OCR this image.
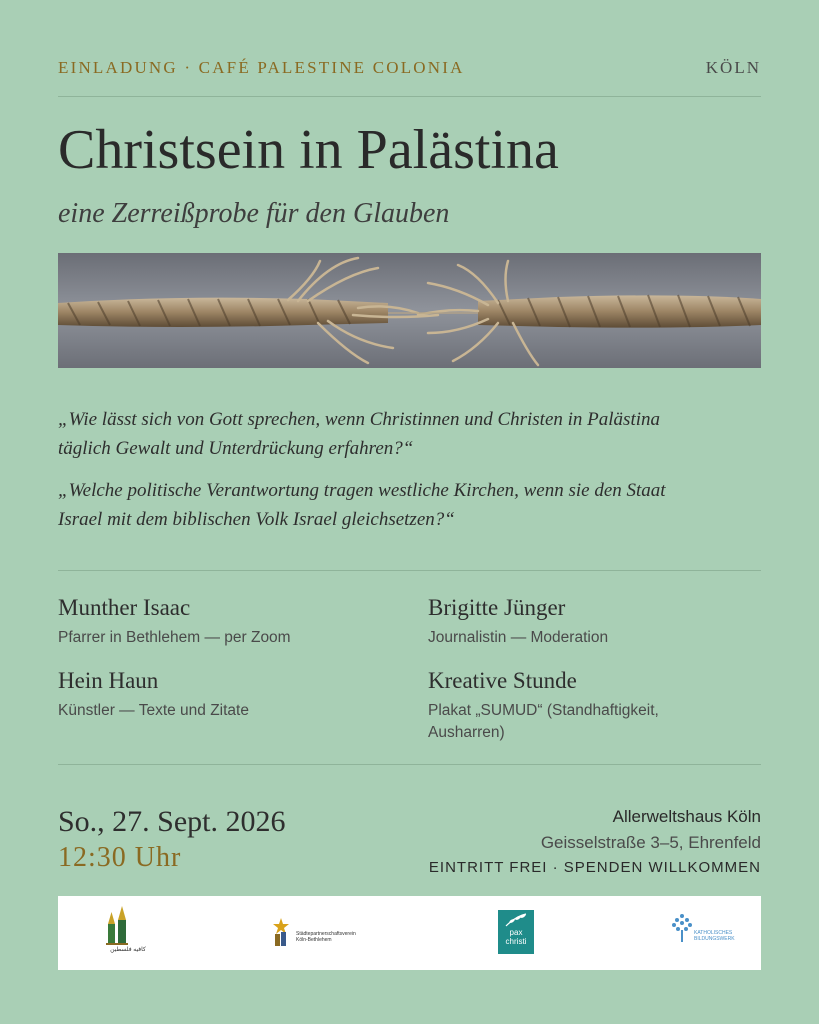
EINLADUNG · CAFÉ PALESTINE COLONIA	KÖLN
Christsein in Palästina
eine Zerreißprobe für den Glauben
„Wie lässt sich von Gott sprechen, wenn Christinnen und Christen in Palästina
täglich Gewalt und Unterdrückung erfahren?“
„Welche politische Verantwortung tragen westliche Kirchen, wenn sie den Staat
Israel mit dem biblischen Volk Israel gleichsetzen?“
Munther Isaac
Pfarrer in Bethlehem — per Zoom
Brigitte Jünger
Journalistin — Moderation
Hein Haun
Künstler — Texte und Zitate
Kreative Stunde
Plakat „SUMUD“ (Standhaftigkeit,
Ausharren)
So., 27. Sept. 2026
12:30 Uhr
Allerweltshaus Köln
Geisselstraße 3–5, Ehrenfeld
EINTRITT FREI · SPENDEN WILLKOMMEN
كافيه فلسطين
Städtepartnerschaftsverein
Köln-Bethlehem
pax
christi
KATHOLISCHES
BILDUNGSWERK
